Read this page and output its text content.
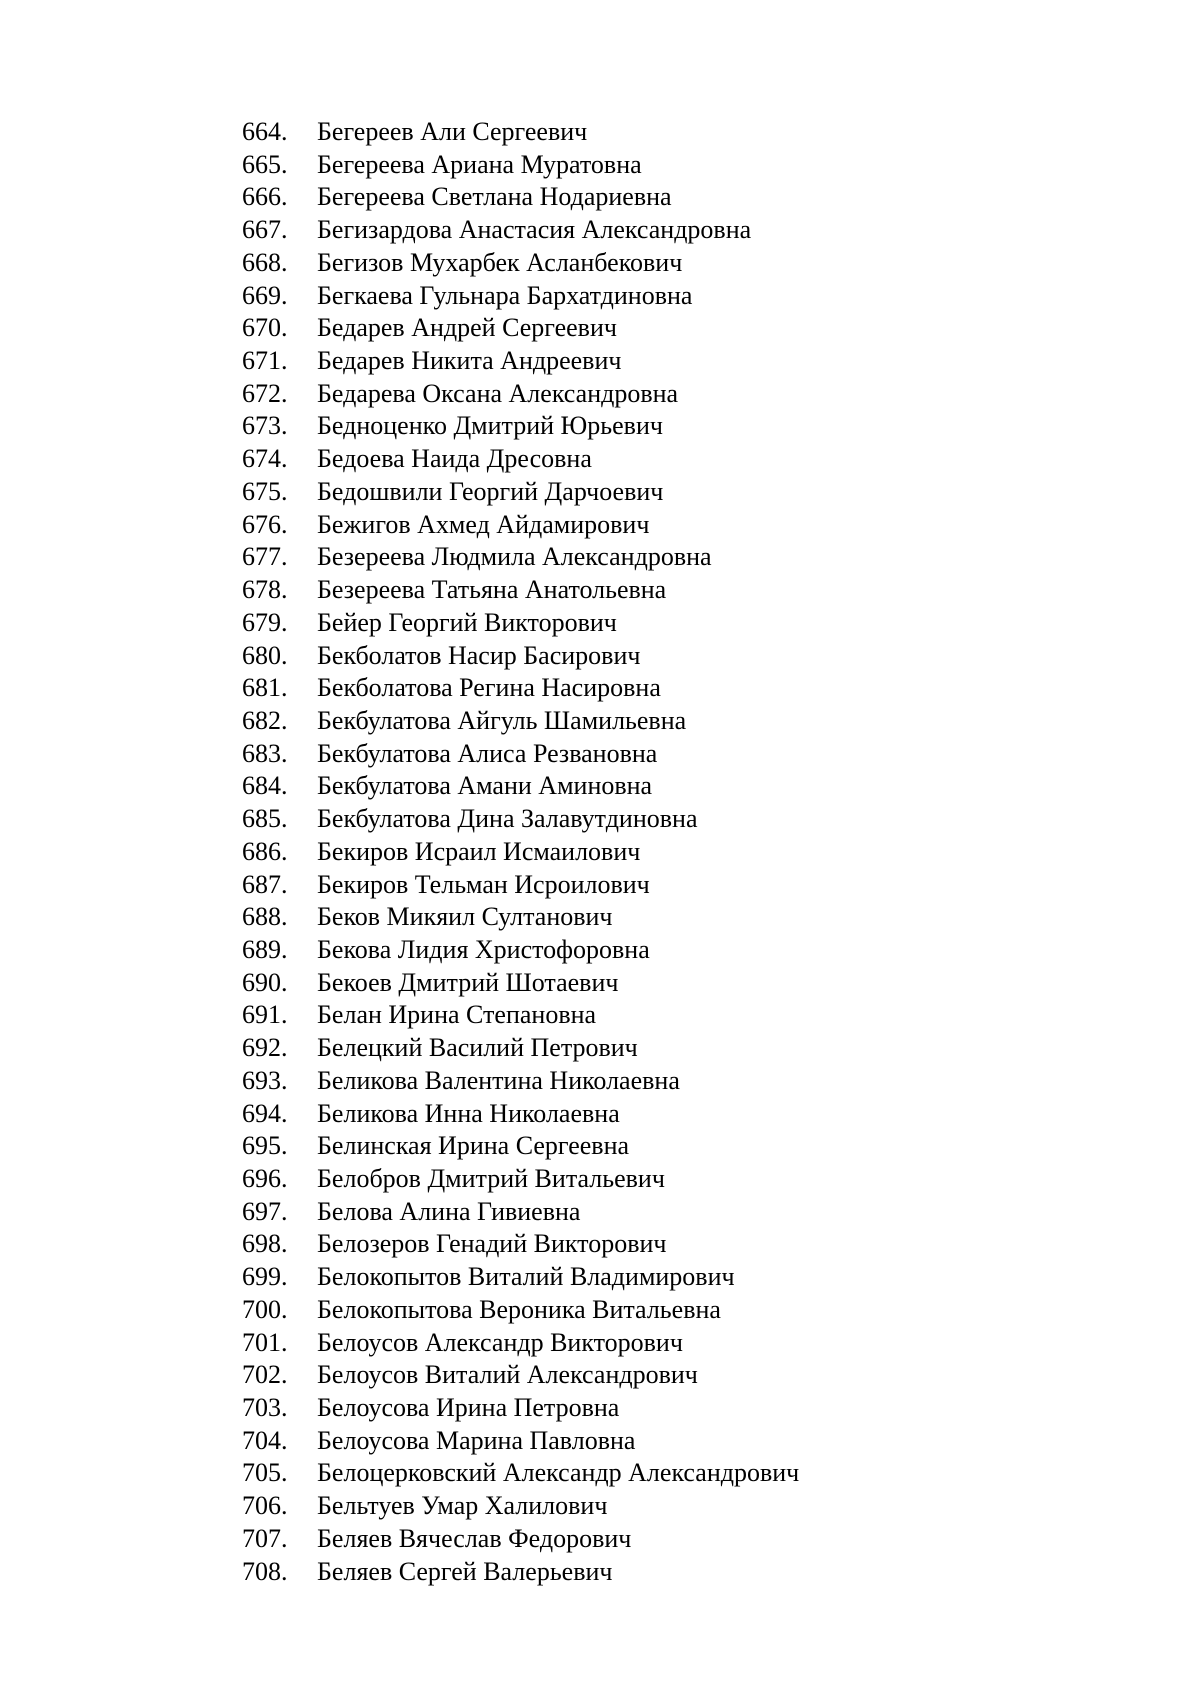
664.	Бегереев Али Сергеевич
665.	Бегереева Ариана Муратовна
666.	Бегереева Светлана Нодариевна
667.	Бегизардова Анастасия Александровна
668.	Бегизов Мухарбек Асланбекович
669.	Бегкаева Гульнара Бархатдиновна
670.	Бедарев Андрей Сергеевич
671.	Бедарев Никита Андреевич
672.	Бедарева Оксана Александровна
673.	Бедноценко Дмитрий Юрьевич
674.	Бедоева Наида Дресовна
675.	Бедошвили Георгий Дарчоевич
676.	Бежигов Ахмед Айдамирович
677.	Безереева Людмила Александровна
678.	Безереева Татьяна Анатольевна
679.	Бейер Георгий Викторович
680.	Бекболатов Насир Басирович
681.	Бекболатова Регина Насировна
682.	Бекбулатова Айгуль Шамильевна
683.	Бекбулатова Алиса Резвановна
684.	Бекбулатова Амани Аминовна
685.	Бекбулатова Дина Залавутдиновна
686.	Бекиров Исраил Исмаилович
687.	Бекиров Тельман Исроилович
688.	Беков Микяил Султанович
689.	Бекова Лидия Христофоровна
690.	Бекоев Дмитрий Шотаевич
691.	Белан Ирина Степановна
692.	Белецкий Василий Петрович
693.	Беликова Валентина Николаевна
694.	Беликова Инна Николаевна
695.	Белинская Ирина Сергеевна
696.	Белобров Дмитрий Витальевич
697.	Белова Алина Гивиевна
698.	Белозеров Генадий Викторович
699.	Белокопытов Виталий Владимирович
700.	Белокопытова Вероника Витальевна
701.	Белоусов Александр Викторович
702.	Белоусов Виталий Александрович
703.	Белоусова Ирина Петровна
704.	Белоусова Марина Павловна
705.	Белоцерковский Александр Александрович
706.	Бельтуев Умар Халилович
707.	Беляев Вячеслав Федорович
708.	Беляев Сергей Валерьевич
